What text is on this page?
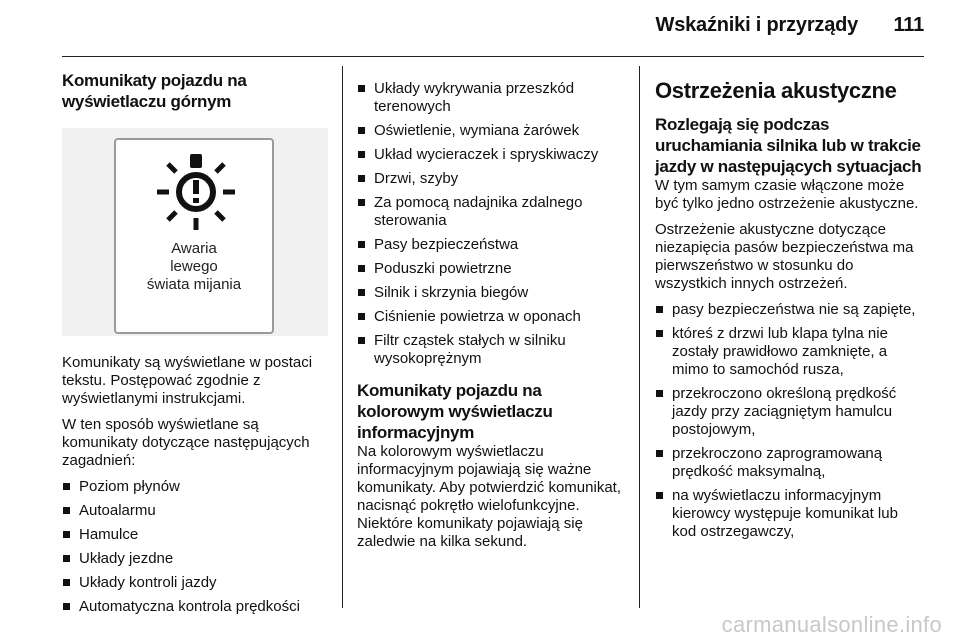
Wskaźniki i przyrządy 111
Komunikaty pojazdu na wyświetlaczu górnym
Awaria
lewego
świata mijania

Komunikaty są wyświetlane w postaci tekstu. Postępować zgodnie z wyświetlanymi instrukcjami.

W ten sposób wyświetlane są komunikaty dotyczące następujących zagadnień:

Poziom płynów
Autoalarmu
Hamulce
Układy jezdne
Układy kontroli jazdy
Automatyczna kontrola prędkości
Układy wykrywania przeszkód terenowych
Oświetlenie, wymiana żarówek
Układ wycieraczek i spryskiwaczy
Drzwi, szyby
Za pomocą nadajnika zdalnego sterowania
Pasy bezpieczeństwa
Poduszki powietrzne
Silnik i skrzynia biegów
Ciśnienie powietrza w oponach
Filtr cząstek stałych w silniku wysokoprężnym
Komunikaty pojazdu na kolorowym wyświetlaczu informacyjnym

Na kolorowym wyświetlaczu informacyjnym pojawiają się ważne komunikaty. Aby potwierdzić komunikat, nacisnąć pokrętło wielofunkcyjne. Niektóre komunikaty pojawiają się zaledwie na kilka sekund.

Ostrzeżenia akustyczne
Rozlegają się podczas uruchamiania silnika lub w trakcie jazdy w następujących sytuacjach

W tym samym czasie włączone może być tylko jedno ostrzeżenie akustyczne.

Ostrzeżenie akustyczne dotyczące niezapięcia pasów bezpieczeństwa ma pierwszeństwo w stosunku do wszystkich innych ostrzeżeń.

pasy bezpieczeństwa nie są zapięte,
któreś z drzwi lub klapa tylna nie zostały prawidłowo zamknięte, a mimo to samochód rusza,
przekroczono określoną prędkość jazdy przy zaciągniętym hamulcu postojowym,
przekroczono zaprogramowaną prędkość maksymalną,
na wyświetlaczu informacyjnym kierowcy występuje komunikat lub kod ostrzegawczy,
carmanualsonline.info
